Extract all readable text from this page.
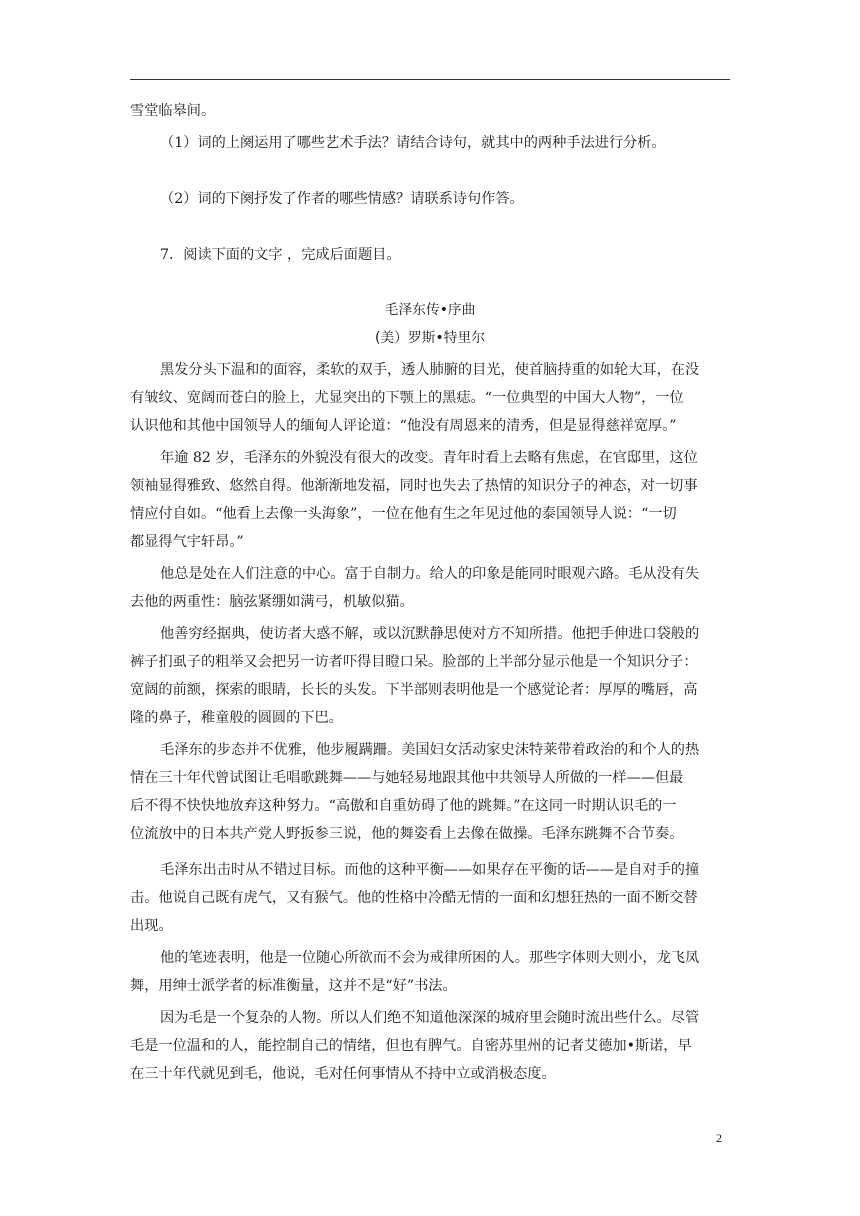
雪堂临皋间。
（1）词的上阕运用了哪些艺术手法？请结合诗句，就其中的两种手法进行分析。
（2）词的下阕抒发了作者的哪些情感？请联系诗句作答。
7．阅读下面的文字 ，完成后面题目。
毛泽东传•序曲
(美）罗斯•特里尔
黑发分头下温和的面容，柔软的双手，透人肺腑的目光，使首脑持重的如轮大耳，在没
有皱纹、宽阔而苍白的脸上，尤显突出的下颚上的黑痣。“一位典型的中国大人物”，一位
认识他和其他中国领导人的缅甸人评论道：“他没有周恩来的清秀，但是显得慈祥宽厚。”
年逾 82 岁，毛泽东的外貌没有很大的改变。青年时看上去略有焦虑，在官邸里，这位
领袖显得雅致、悠然自得。他渐渐地发福，同时也失去了热情的知识分子的神态，对一切事
情应付自如。“他看上去像一头海象”，一位在他有生之年见过他的泰国领导人说：“一切
都显得气宇轩昂。”
他总是处在人们注意的中心。富于自制力。给人的印象是能同时眼观六路。毛从没有失
去他的两重性：脑弦紧绷如满弓，机敏似猫。
他善穷经据典，使访者大惑不解，或以沉默静思使对方不知所措。他把手伸进口袋般的
裤子扪虱子的粗举又会把另一访者吓得目瞪口呆。脸部的上半部分显示他是一个知识分子：
宽阔的前额，探索的眼睛，长长的头发。下半部则表明他是一个感觉论者：厚厚的嘴唇，高
隆的鼻子，稚童般的圆圆的下巴。
毛泽东的步态并不优雅，他步履蹒跚。美国妇女活动家史沫特莱带着政治的和个人的热
情在三十年代曾试图让毛唱歌跳舞——与她轻易地跟其他中共领导人所做的一样——但最
后不得不快快地放弃这种努力。“高傲和自重妨碍了他的跳舞。”在这同一时期认识毛的一
位流放中的日本共产党人野扳参三说，他的舞姿看上去像在做操。毛泽东跳舞不合节奏。
毛泽东出击时从不错过目标。而他的这种平衡——如果存在平衡的话——是自对手的撞
击。他说自己既有虎气，又有猴气。他的性格中冷酷无情的一面和幻想狂热的一面不断交替
出现。
他的笔迹表明，他是一位随心所欲而不会为戒律所困的人。那些字体则大则小，龙飞凤
舞，用绅士派学者的标准衡量，这并不是“好”书法。
因为毛是一个复杂的人物。所以人们绝不知道他深深的城府里会随时流出些什么。尽管
毛是一位温和的人，能控制自己的情绪，但也有脾气。自密苏里州的记者艾德加•斯诺，早
在三十年代就见到毛，他说，毛对任何事情从不持中立或消极态度。
2
